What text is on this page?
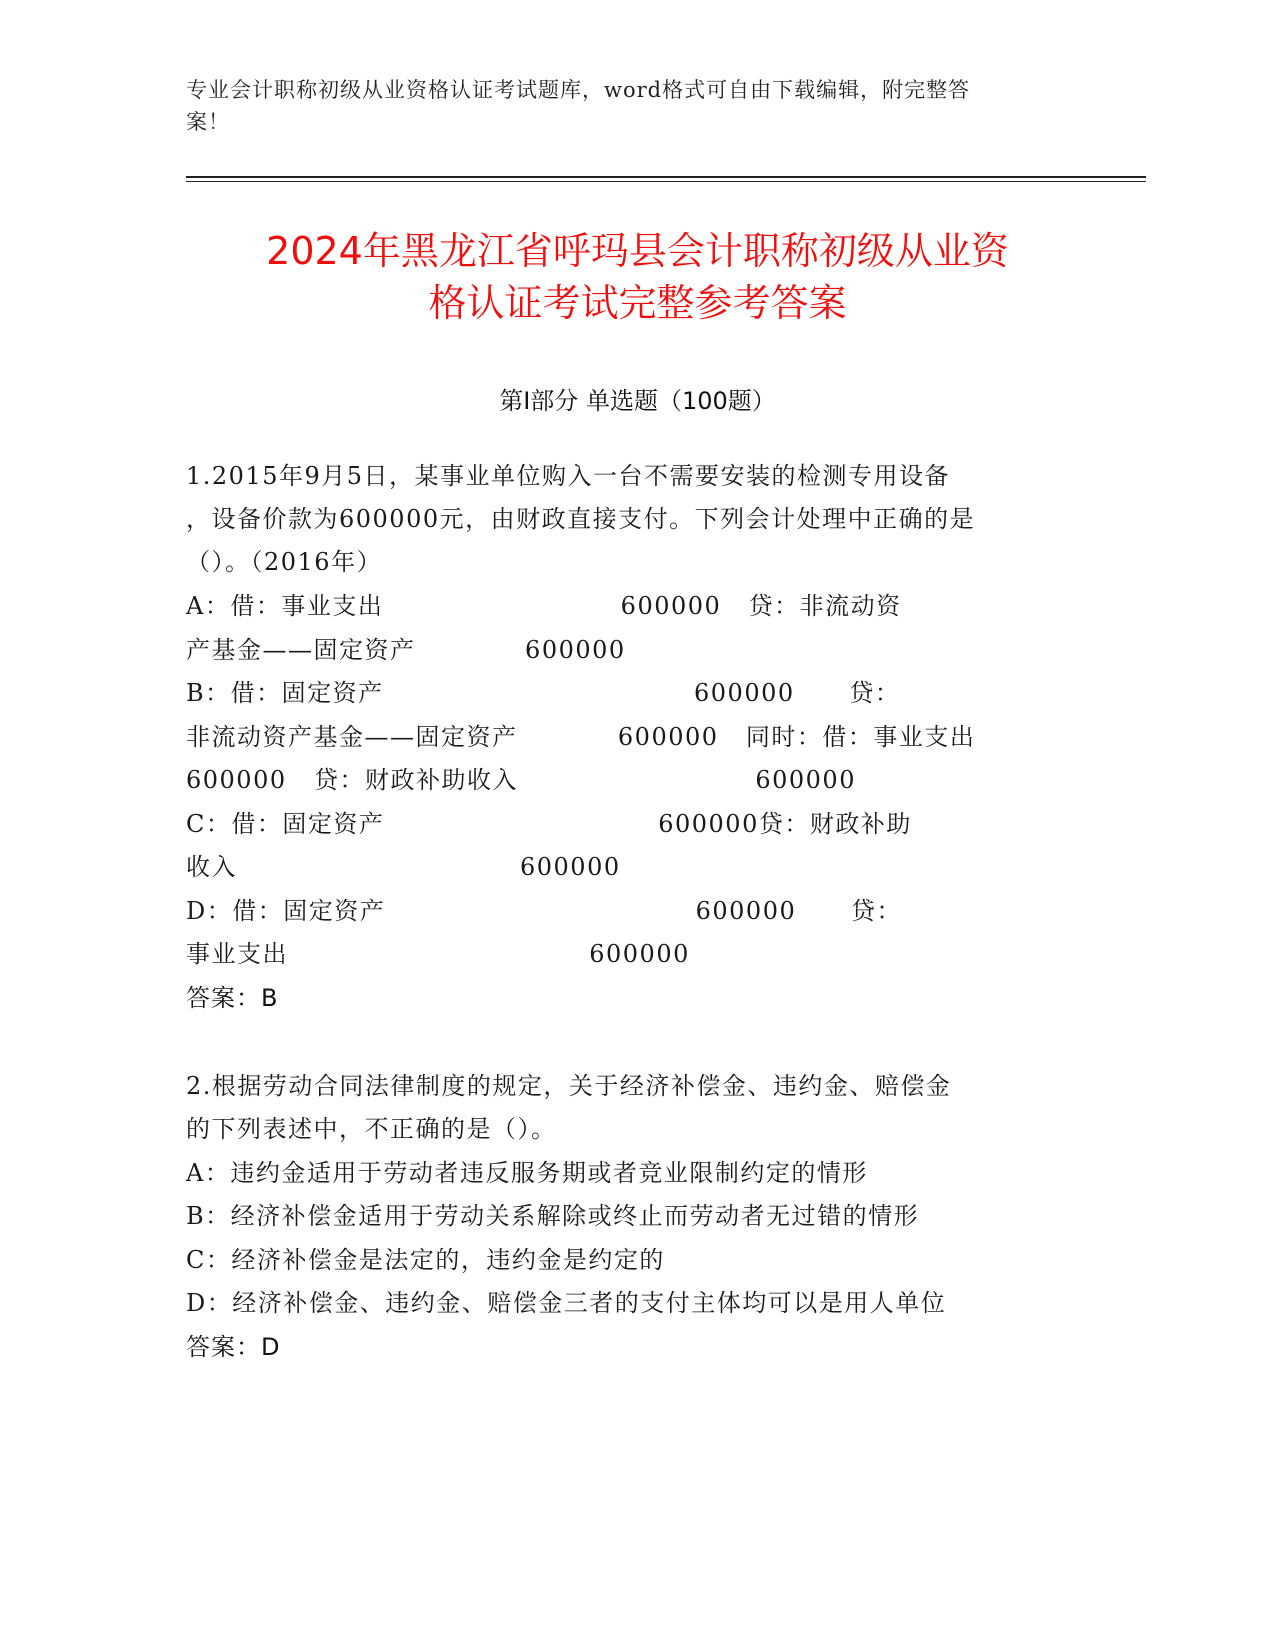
专业会计职称初级从业资格认证考试题库，word格式可自由下载编辑，附完整答
案！
2024年黑龙江省呼玛县会计职称初级从业资
格认证考试完整参考答案
第Ⅰ部分 单选题（100题）
1.2015年9月5日，某事业单位购入一台不需要安装的检测专用设备
，设备价款为600000元，由财政直接支付。下列会计处理中正确的是
（）。（2016年）
A：借：事业支出                          600000   贷：非流动资
产基金——固定资产            600000
B：借：固定资产                                  600000      贷：
非流动资产基金——固定资产           600000   同时：借：事业支出
600000   贷：财政补助收入                          600000
C：借：固定资产                              600000贷：财政补助
收入                               600000
D：借：固定资产                                  600000      贷：
事业支出                                 600000
答案：B
2.根据劳动合同法律制度的规定，关于经济补偿金、违约金、赔偿金
的下列表述中，不正确的是（）。
A：违约金适用于劳动者违反服务期或者竞业限制约定的情形
B：经济补偿金适用于劳动关系解除或终止而劳动者无过错的情形
C：经济补偿金是法定的，违约金是约定的
D：经济补偿金、违约金、赔偿金三者的支付主体均可以是用人单位
答案：D
